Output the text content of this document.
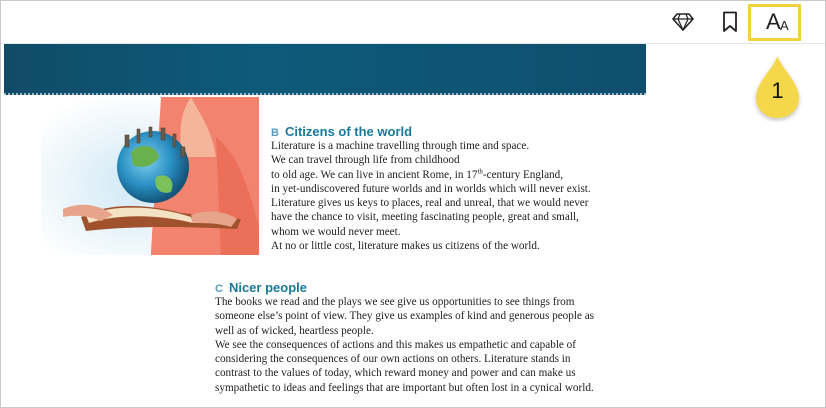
A A
1
B Citizens of the world
Literature is a machine travelling through time and space.
We can travel through life from childhood
to old age. We can live in ancient Rome, in 17th-century England,
in yet-undiscovered future worlds and in worlds which will never exist.
Literature gives us keys to places, real and unreal, that we would never
have the chance to visit, meeting fascinating people, great and small,
whom we would never meet.
At no or little cost, literature makes us citizens of the world.
C Nicer people
The books we read and the plays we see give us opportunities to see things from
someone else’s point of view. They give us examples of kind and generous people as
well as of wicked, heartless people.
We see the consequences of actions and this makes us empathetic and capable of
considering the consequences of our own actions on others. Literature stands in
contrast to the values of today, which reward money and power and can make us
sympathetic to ideas and feelings that are important but often lost in a cynical world.
